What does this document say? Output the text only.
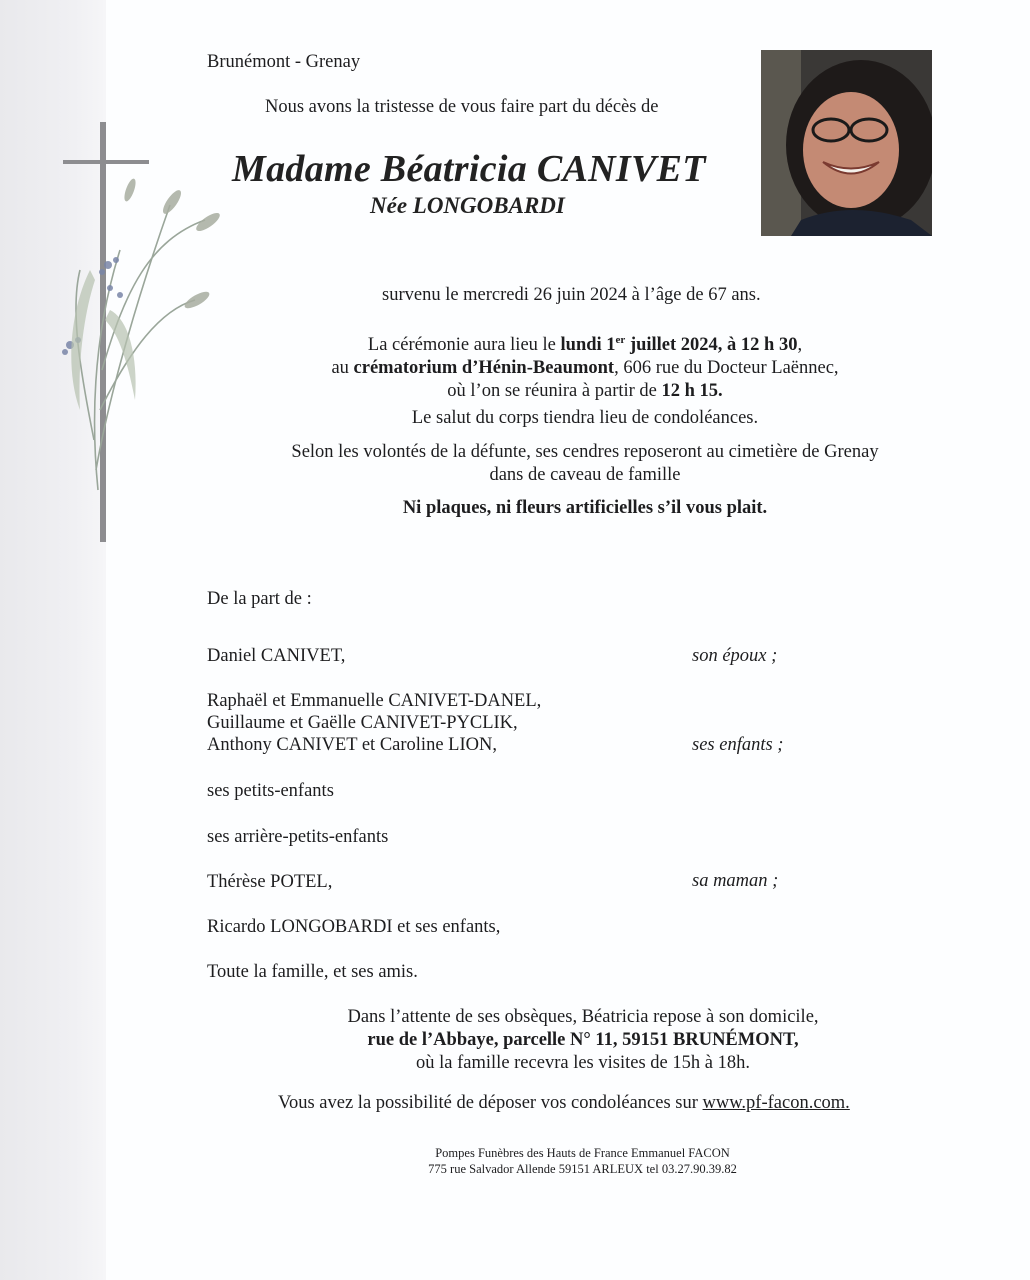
Brunémont - Grenay
Nous avons la tristesse de vous faire part du décès de
Madame Béatricia CANIVET
Née LONGOBARDI
survenu le mercredi 26 juin 2024 à l’âge de 67 ans.

La cérémonie aura lieu le lundi 1er juillet 2024, à 12 h 30,

au crématorium d’Hénin-Beaumont, 606 rue du Docteur Laënnec,

où l’on se réunira à partir de 12 h 15.

Le salut du corps tiendra lieu de condoléances.

Selon les volontés de la défunte, ses cendres reposeront au cimetière de Grenay

dans de caveau de famille

Ni plaques, ni fleurs artificielles s’il vous plait.
De la part de :
Daniel CANIVET,	son époux ;
Raphaël et Emmanuelle CANIVET-DANEL,
Guillaume et Gaëlle CANIVET-PYCLIK,
Anthony CANIVET et Caroline LION,	ses enfants ;
ses petits-enfants
ses arrière-petits-enfants
Thérèse POTEL,	sa maman ;
Ricardo LONGOBARDI et ses enfants,
Toute la famille, et ses amis.

Dans l’attente de ses obsèques, Béatricia repose à son domicile,

rue de l’Abbaye, parcelle N° 11, 59151 BRUNÉMONT,

où la famille recevra les visites de 15h à 18h.

Vous avez la possibilité de déposer vos condoléances sur www.pf-facon.com.
Pompes Funèbres des Hauts de France Emmanuel FACON
775 rue Salvador Allende 59151 ARLEUX tel 03.27.90.39.82
